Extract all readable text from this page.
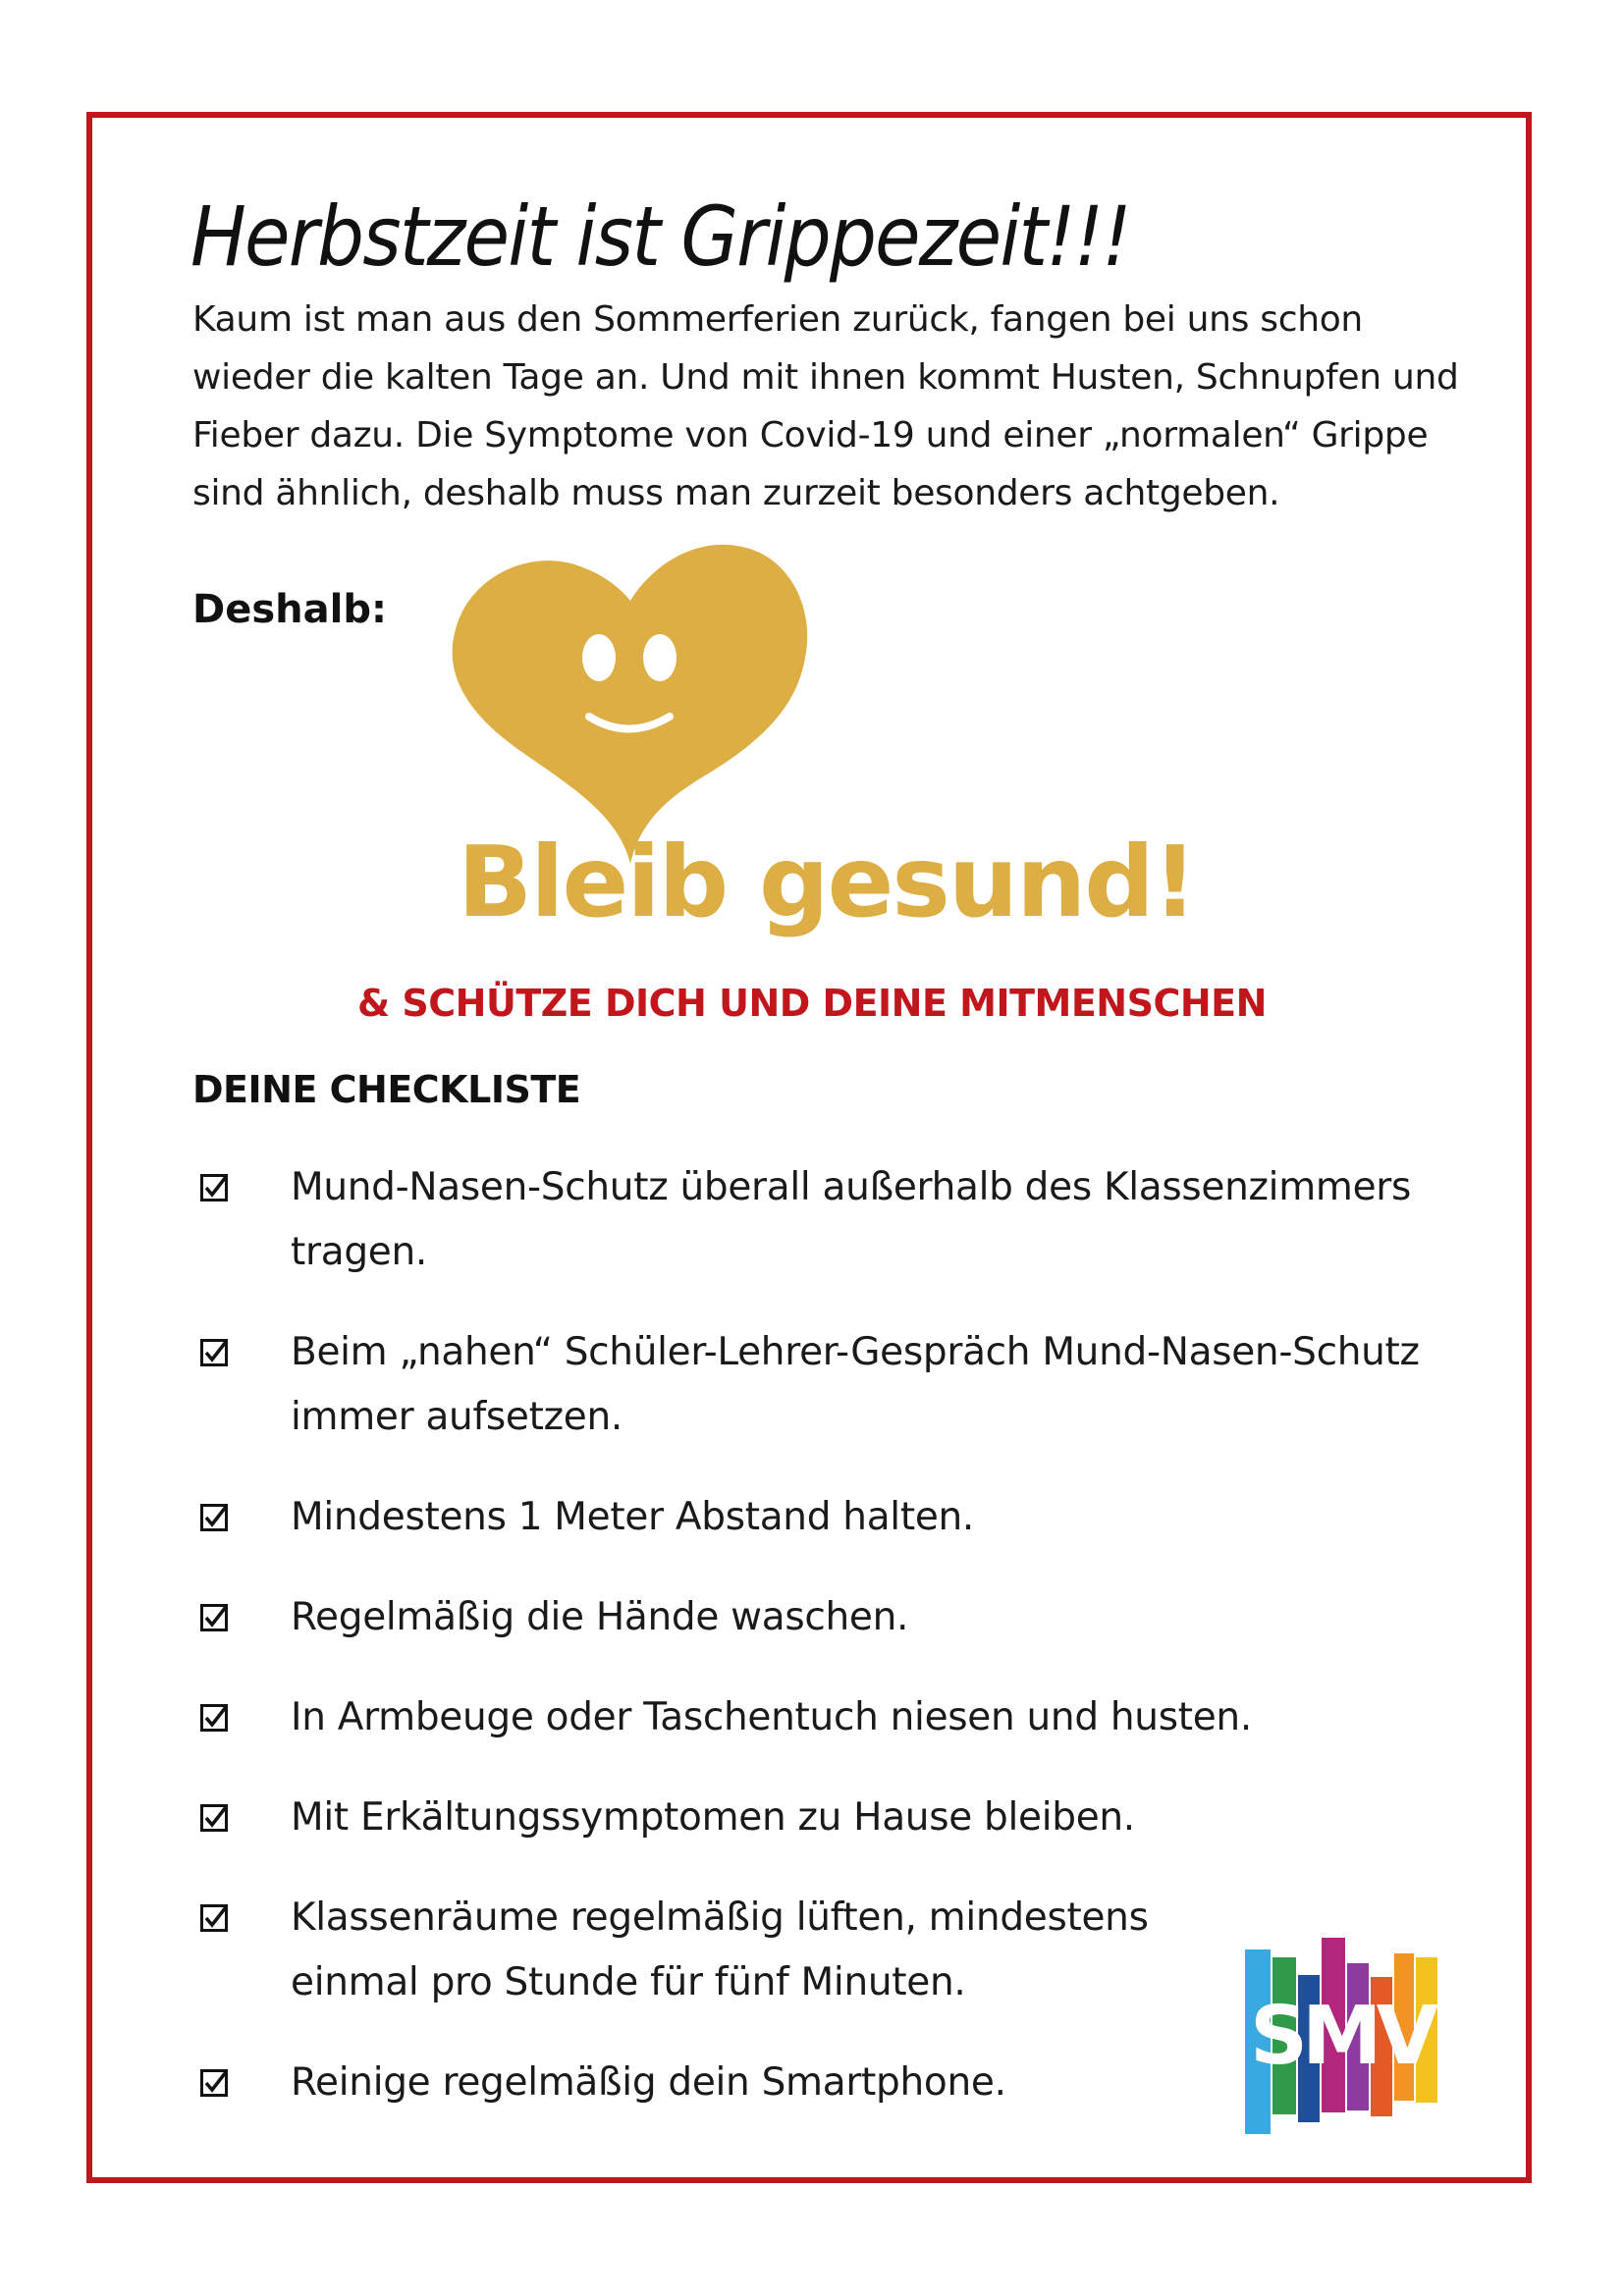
Herbstzeit ist Grippezeit!!!

Kaum ist man aus den Sommerferien zurück, fangen bei uns schon wieder die kalten Tage an. Und mit ihnen kommt Husten, Schnupfen und Fieber dazu. Die Symptome von Covid-19 und einer „normalen“ Grippe sind ähnlich, deshalb muss man zurzeit besonders achtgeben.

Deshalb:

Bleib gesund!

& SCHÜTZE DICH UND DEINE MITMENSCHEN

DEINE CHECKLISTE

Mund-Nasen-Schutz überall außerhalb des Klassenzimmers tragen.

Beim „nahen“ Schüler-Lehrer-Gespräch Mund-Nasen-Schutz immer aufsetzen.

Mindestens 1 Meter Abstand halten.

Regelmäßig die Hände waschen.

In Armbeuge oder Taschentuch niesen und husten.

Mit Erkältungssymptomen zu Hause bleiben.

Klassenräume regelmäßig lüften, mindestens einmal pro Stunde für fünf Minuten.

Reinige regelmäßig dein Smartphone.	SMV
